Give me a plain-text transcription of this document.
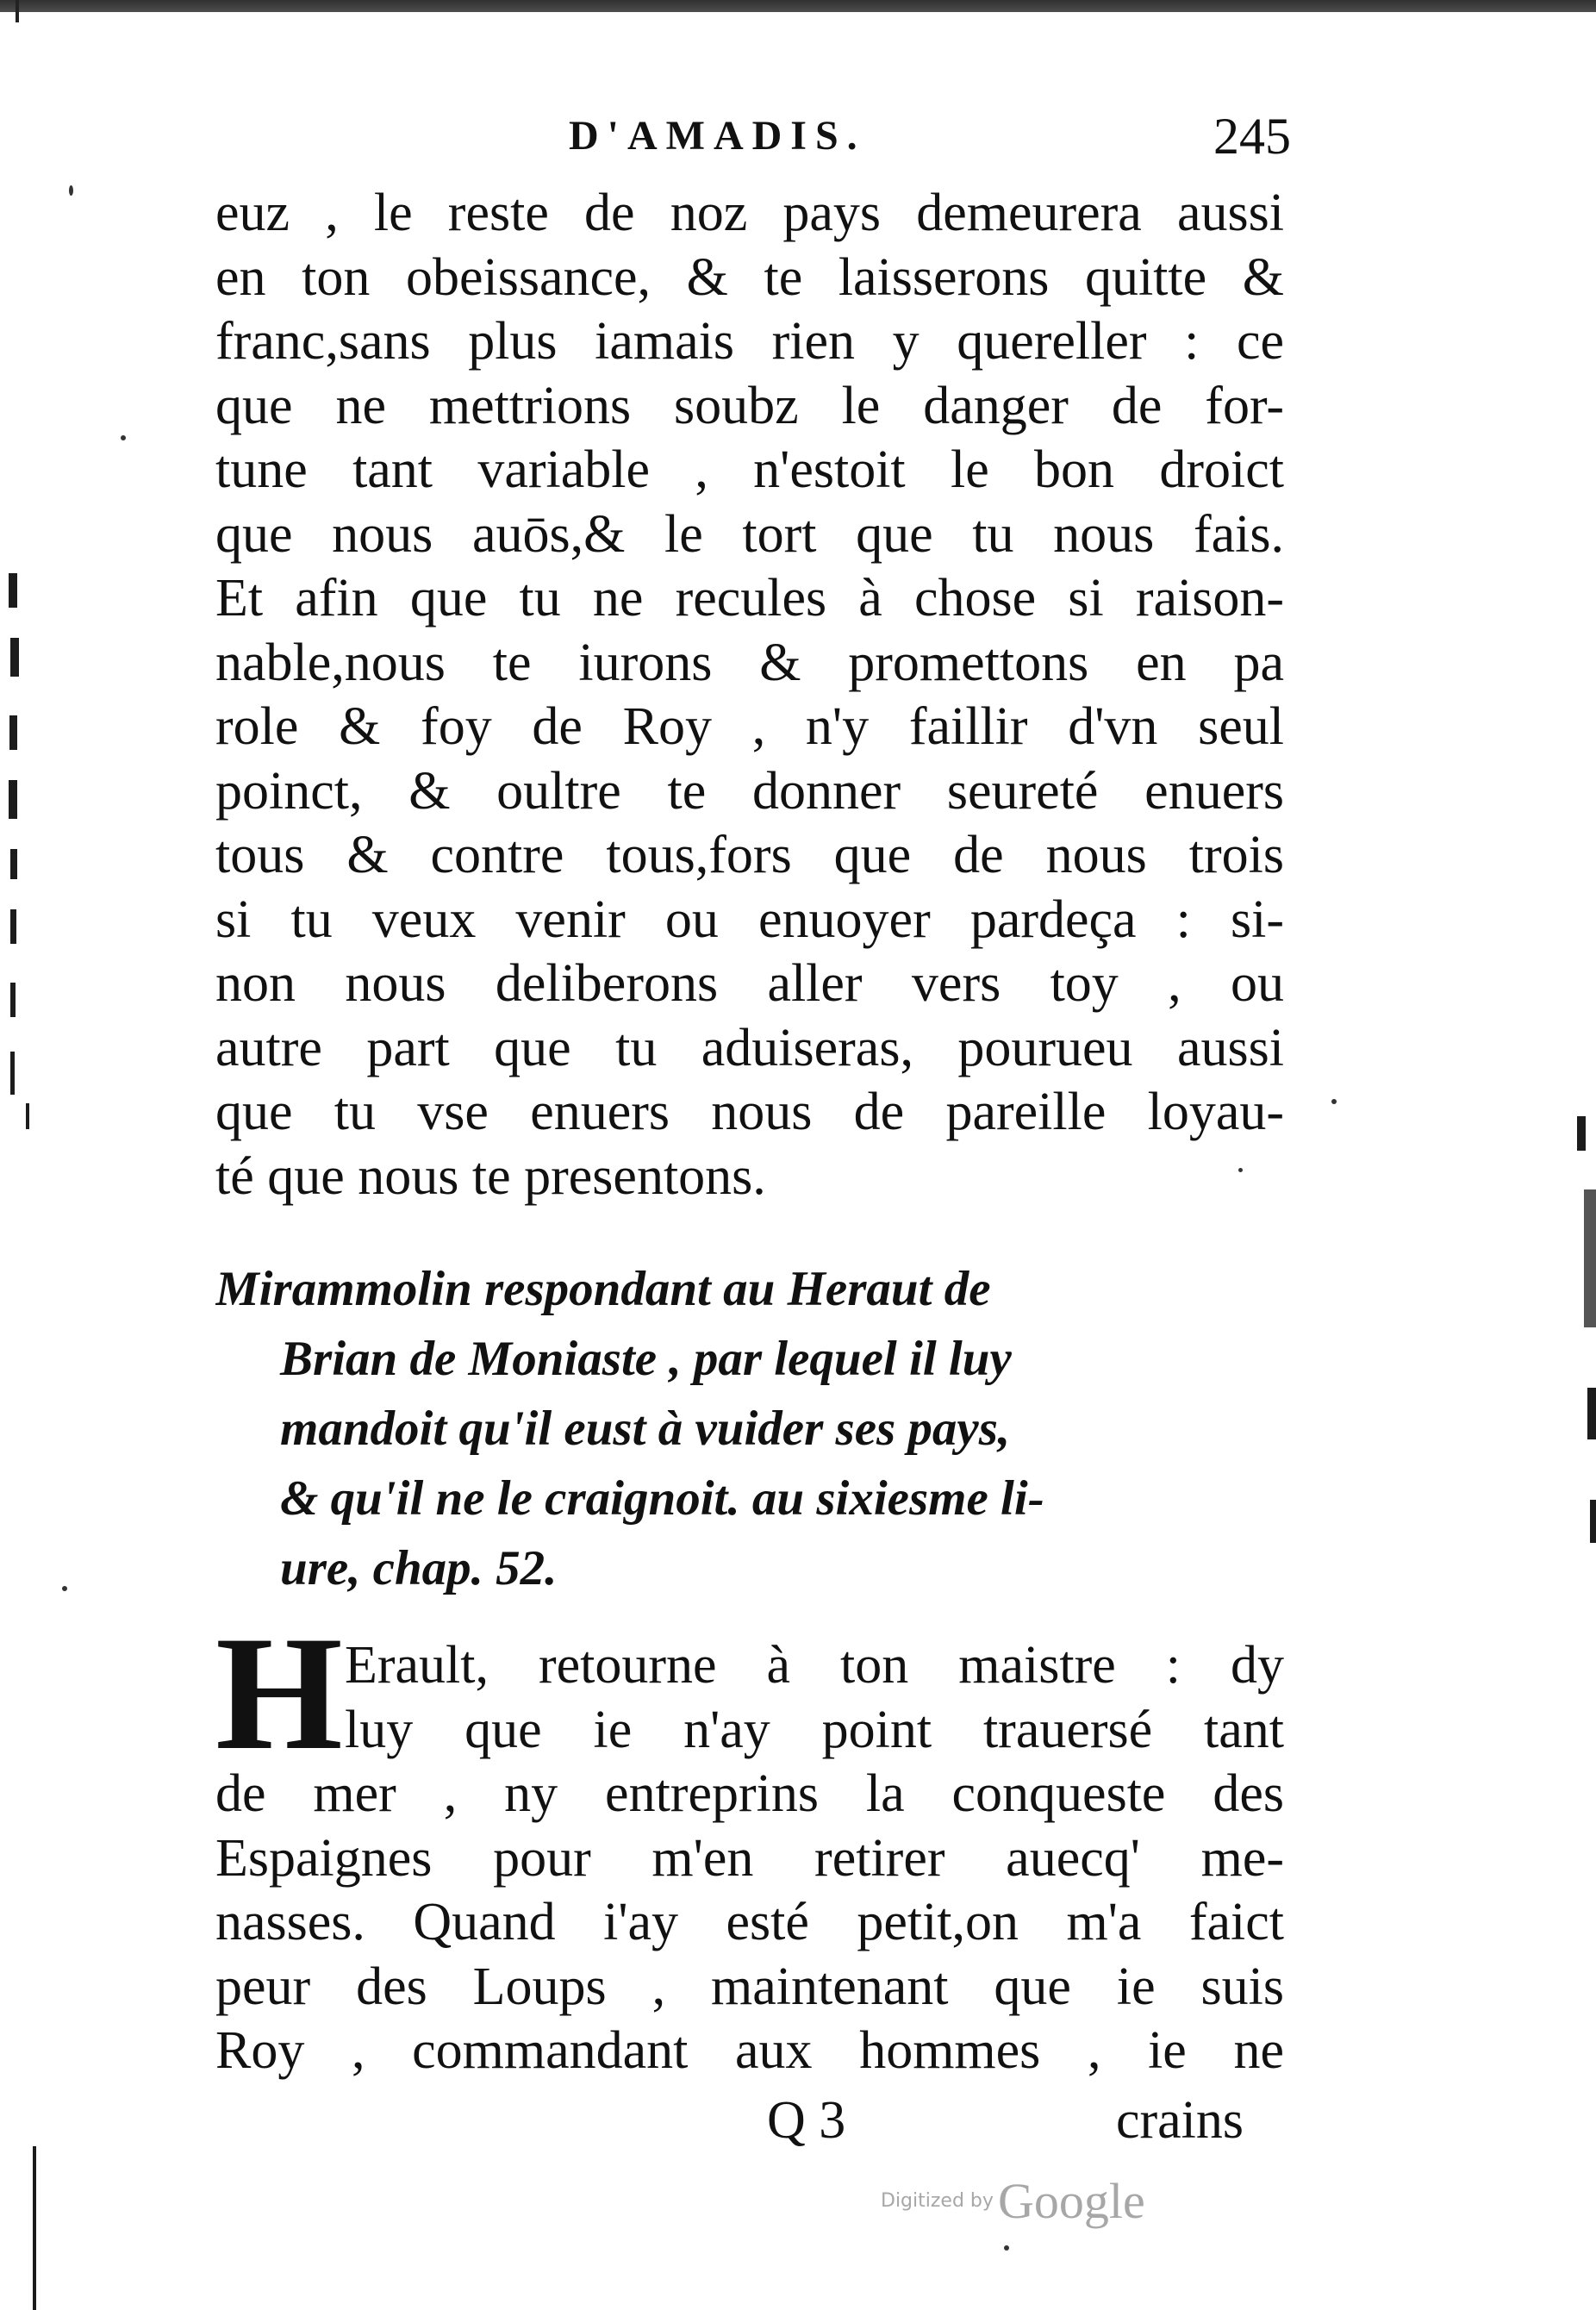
D'AMADIS.	245
euz , le reste de noz pays demeurera aussi
en ton obeissance, & te laisserons quitte &
franc,sans plus iamais rien y quereller : ce
que ne mettrions soubz le danger de for-
tune tant variable , n'estoit le bon droict
que nous auōs,& le tort que tu nous fais.
Et afin que tu ne recules à chose si raison-
nable,nous te iurons & promettons en pa
role & foy de Roy , n'y faillir d'vn seul
poinct, & oultre te donner seureté enuers
tous & contre tous,fors que de nous trois
si tu veux venir ou enuoyer pardeça : si-
non nous deliberons aller vers toy , ou
autre part que tu aduiseras, pourueu aussi
que tu vse enuers nous de pareille loyau-
té que nous te presentons.
Mirammolin respondant au Heraut de
Brian de Moniaste , par lequel il luy
mandoit qu'il eust à vuider ses pays,
& qu'il ne le craignoit. au sixiesme li-
ure, chap. 52.
H Erault, retourne à ton maistre : dy
luy que ie n'ay point trauersé tant
de mer , ny entreprins la conqueste des
Espaignes pour m'en retirer auecq' me-
nasses. Quand i'ay esté petit,on m'a faict
peur des Loups , maintenant que ie suis
Roy , commandant aux hommes , ie ne
Q 3	crains
Digitized by Google
